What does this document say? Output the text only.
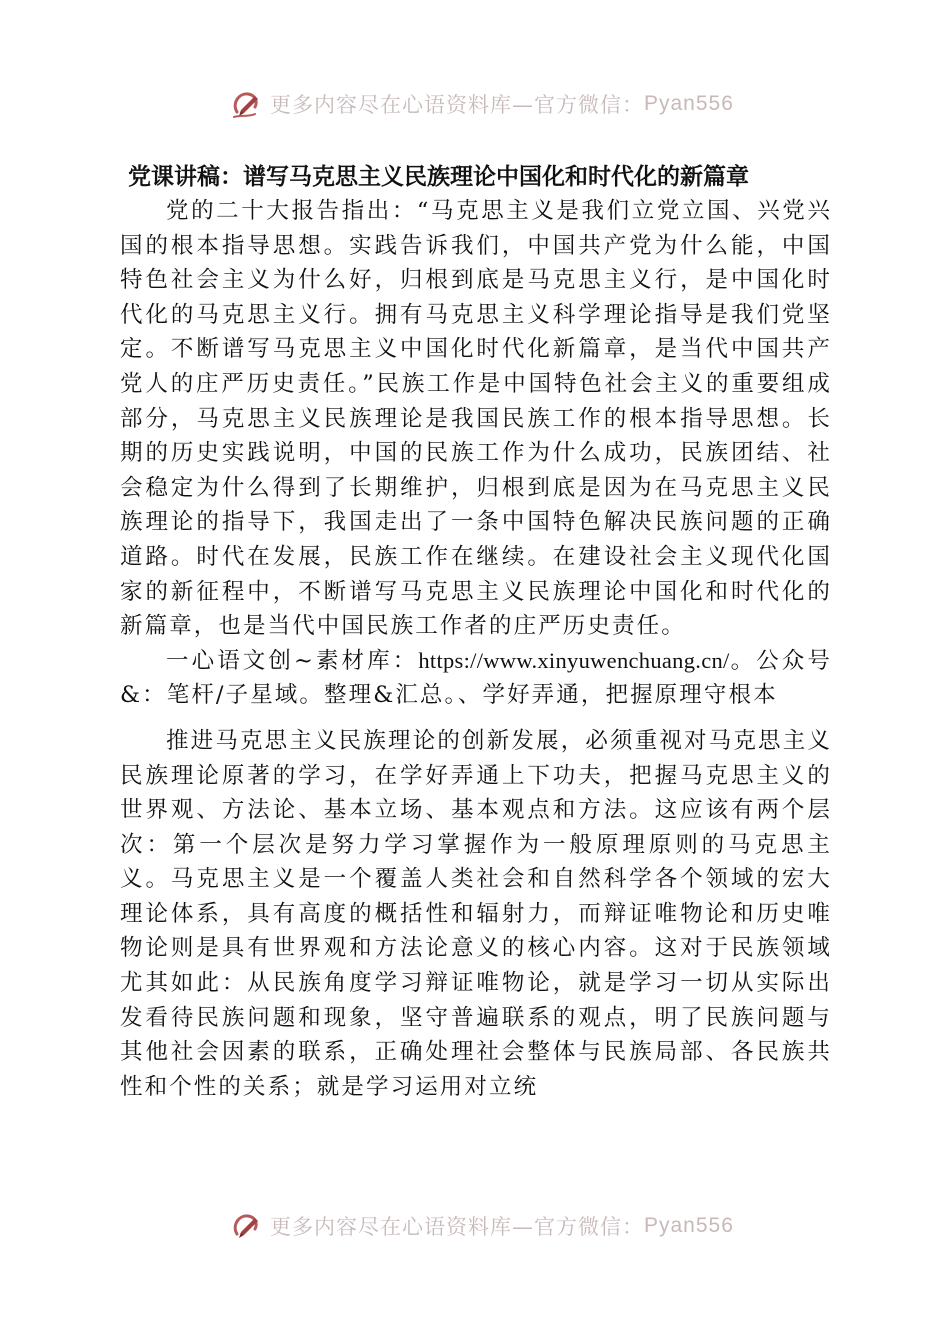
更多内容尽在心语资料库—官方微信： Pyan556
党课讲稿：谱写马克思主义民族理论中国化和时代化的新篇章

党的二十大报告指出：“马克思主义是我们立党立国、兴党兴国的根本指导思想。实践告诉我们，中国共产党为什么能，中国特色社会主义为什么好，归根到底是马克思主义行，是中国化时代化的马克思主义行。拥有马克思主义科学理论指导是我们党坚定。不断谱写马克思主义中国化时代化新篇章，是当代中国共产党人的庄严历史责任。”民族工作是中国特色社会主义的重要组成部分，马克思主义民族理论是我国民族工作的根本指导思想。长期的历史实践说明，中国的民族工作为什么成功，民族团结、社会稳定为什么得到了长期维护，归根到底是因为在马克思主义民族理论的指导下，我国走出了一条中国特色解决民族问题的正确道路。时代在发展，民族工作在继续。在建设社会主义现代化国家的新征程中，不断谱写马克思主义民族理论中国化和时代化的新篇章，也是当代中国民族工作者的庄严历史责任。

一心语文创~素材库：https://www.xinyuwenchuang.cn/。公众号&：笔杆/子星域。整理&汇总。、学好弄通，把握原理守根本

推进马克思主义民族理论的创新发展，必须重视对马克思主义民族理论原著的学习，在学好弄通上下功夫，把握马克思主义的世界观、方法论、基本立场、基本观点和方法。这应该有两个层次：第一个层次是努力学习掌握作为一般原理原则的马克思主义。马克思主义是一个覆盖人类社会和自然科学各个领域的宏大理论体系，具有高度的概括性和辐射力，而辩证唯物论和历史唯物论则是具有世界观和方法论意义的核心内容。这对于民族领域尤其如此：从民族角度学习辩证唯物论，就是学习一切从实际出发看待民族问题和现象，坚守普遍联系的观点，明了民族问题与其他社会因素的联系，正确处理社会整体与民族局部、各民族共性和个性的关系；就是学习运用对立统

更多内容尽在心语资料库—官方微信： Pyan556
